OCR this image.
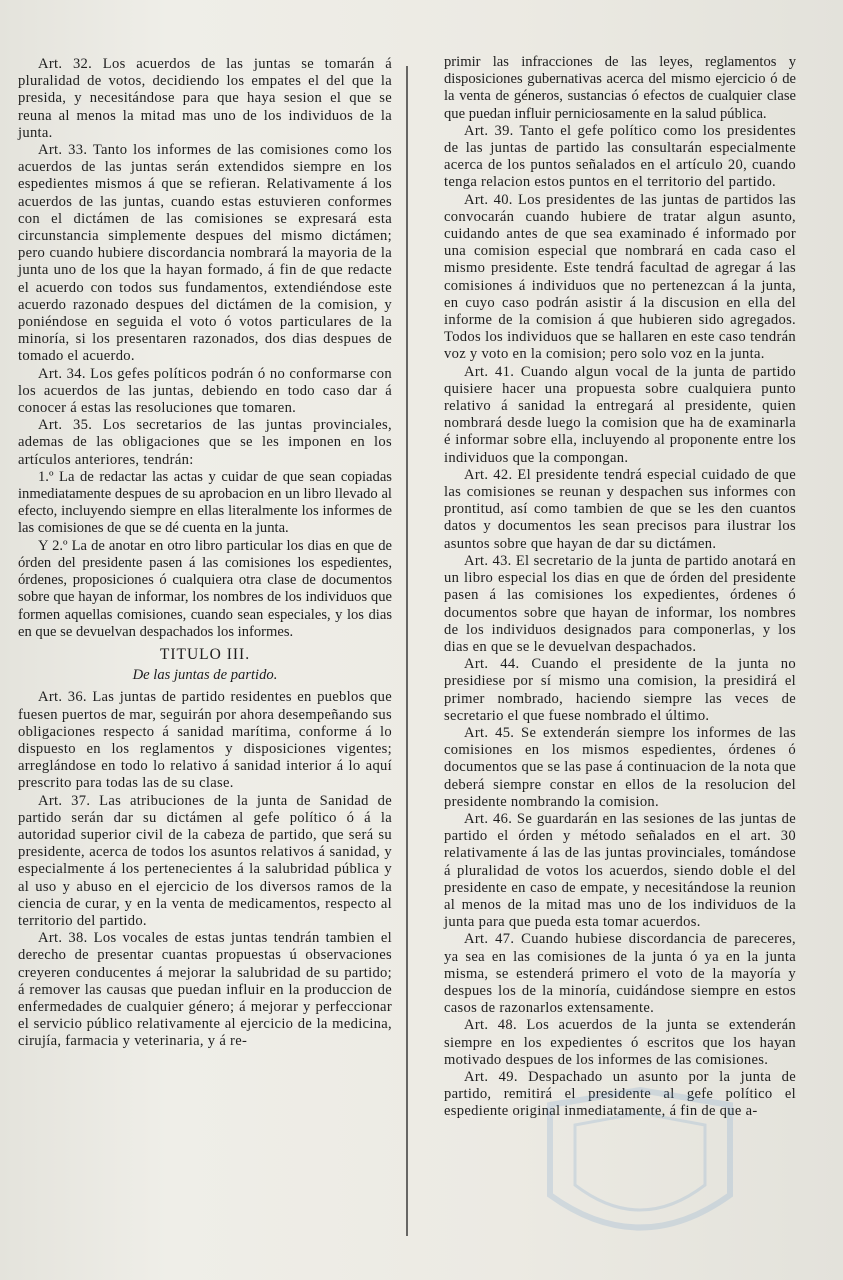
Art. 32. Los acuerdos de las juntas se tomarán á pluralidad de votos, decidiendo los empates el del que la presida, y necesitándose para que haya sesion el que se reuna al menos la mitad mas uno de los individuos de la junta.

Art. 33. Tanto los informes de las comisiones como los acuerdos de las juntas serán extendidos siempre en los espedientes mismos á que se refieran. Relativamente á los acuerdos de las juntas, cuando estas estuvieren conformes con el dictámen de las comisiones se expresará esta circunstancia simplemente despues del mismo dictámen; pero cuando hubiere discordancia nombrará la mayoria de la junta uno de los que la hayan formado, á fin de que redacte el acuerdo con todos sus fundamentos, extendiéndose este acuerdo razonado despues del dictámen de la comision, y poniéndose en seguida el voto ó votos particulares de la minoría, si los presentaren razonados, dos dias despues de tomado el acuerdo.

Art. 34. Los gefes políticos podrán ó no conformarse con los acuerdos de las juntas, debiendo en todo caso dar á conocer á estas las resoluciones que tomaren.

Art. 35. Los secretarios de las juntas provinciales, ademas de las obligaciones que se les imponen en los artículos anteriores, tendrán:

1.º La de redactar las actas y cuidar de que sean copiadas inmediatamente despues de su aprobacion en un libro llevado al efecto, incluyendo siempre en ellas literalmente los informes de las comisiones de que se dé cuenta en la junta.

Y 2.º La de anotar en otro libro particular los dias en que de órden del presidente pasen á las comisiones los espedientes, órdenes, proposiciones ó cualquiera otra clase de documentos sobre que hayan de informar, los nombres de los individuos que formen aquellas comisiones, cuando sean especiales, y los dias en que se devuelvan despachados los informes.

TITULO III.
De las juntas de partido.

Art. 36. Las juntas de partido residentes en pueblos que fuesen puertos de mar, seguirán por ahora desempeñando sus obligaciones respecto á sanidad marítima, conforme á lo dispuesto en los reglamentos y disposiciones vigentes; arreglándose en todo lo relativo á sanidad interior á lo aquí prescrito para todas las de su clase.

Art. 37. Las atribuciones de la junta de Sanidad de partido serán dar su dictámen al gefe político ó á la autoridad superior civil de la cabeza de partido, que será su presidente, acerca de todos los asuntos relativos á sanidad, y especialmente á los pertenecientes á la salubridad pública y al uso y abuso en el ejercicio de los diversos ramos de la ciencia de curar, y en la venta de medicamentos, respecto al territorio del partido.

Art. 38. Los vocales de estas juntas tendrán tambien el derecho de presentar cuantas propuestas ú observaciones creyeren conducentes á mejorar la salubridad de su partido; á remover las causas que puedan influir en la produccion de enfermedades de cualquier género; á mejorar y perfeccionar el servicio público relativamente al ejercicio de la medicina, cirujía, farmacia y veterinaria, y á re-

primir las infracciones de las leyes, reglamentos y disposiciones gubernativas acerca del mismo ejercicio ó de la venta de géneros, sustancias ó efectos de cualquier clase que puedan influir perniciosamente en la salud pública.

Art. 39. Tanto el gefe político como los presidentes de las juntas de partido las consultarán especialmente acerca de los puntos señalados en el artículo 20, cuando tenga relacion estos puntos en el territorio del partido.

Art. 40. Los presidentes de las juntas de partidos las convocarán cuando hubiere de tratar algun asunto, cuidando antes de que sea examinado é informado por una comision especial que nombrará en cada caso el mismo presidente. Este tendrá facultad de agregar á las comisiones á individuos que no pertenezcan á la junta, en cuyo caso podrán asistir á la discusion en ella del informe de la comision á que hubieren sido agregados. Todos los individuos que se hallaren en este caso tendrán voz y voto en la comision; pero solo voz en la junta.

Art. 41. Cuando algun vocal de la junta de partido quisiere hacer una propuesta sobre cualquiera punto relativo á sanidad la entregará al presidente, quien nombrará desde luego la comision que ha de examinarla é informar sobre ella, incluyendo al proponente entre los individuos que la compongan.

Art. 42. El presidente tendrá especial cuidado de que las comisiones se reunan y despachen sus informes con prontitud, así como tambien de que se les den cuantos datos y documentos les sean precisos para ilustrar los asuntos sobre que hayan de dar su dictámen.

Art. 43. El secretario de la junta de partido anotará en un libro especial los dias en que de órden del presidente pasen á las comisiones los expedientes, órdenes ó documentos sobre que hayan de informar, los nombres de los individuos designados para componerlas, y los dias en que se le devuelvan despachados.

Art. 44. Cuando el presidente de la junta no presidiese por sí mismo una comision, la presidirá el primer nombrado, haciendo siempre las veces de secretario el que fuese nombrado el último.

Art. 45. Se extenderán siempre los informes de las comisiones en los mismos espedientes, órdenes ó documentos que se las pase á continuacion de la nota que deberá siempre constar en ellos de la resolucion del presidente nombrando la comision.

Art. 46. Se guardarán en las sesiones de las juntas de partido el órden y método señalados en el art. 30 relativamente á las de las juntas provinciales, tomándose á pluralidad de votos los acuerdos, siendo doble el del presidente en caso de empate, y necesitándose la reunion al menos de la mitad mas uno de los individuos de la junta para que pueda esta tomar acuerdos.

Art. 47. Cuando hubiese discordancia de pareceres, ya sea en las comisiones de la junta ó ya en la junta misma, se estenderá primero el voto de la mayoría y despues los de la minoría, cuidándose siempre en estos casos de razonarlos extensamente.

Art. 48. Los acuerdos de la junta se extenderán siempre en los expedientes ó escritos que los hayan motivado despues de los informes de las comisiones.

Art. 49. Despachado un asunto por la junta de partido, remitirá el presidente al gefe político el espediente original inmediatamente, á fin de que a-
